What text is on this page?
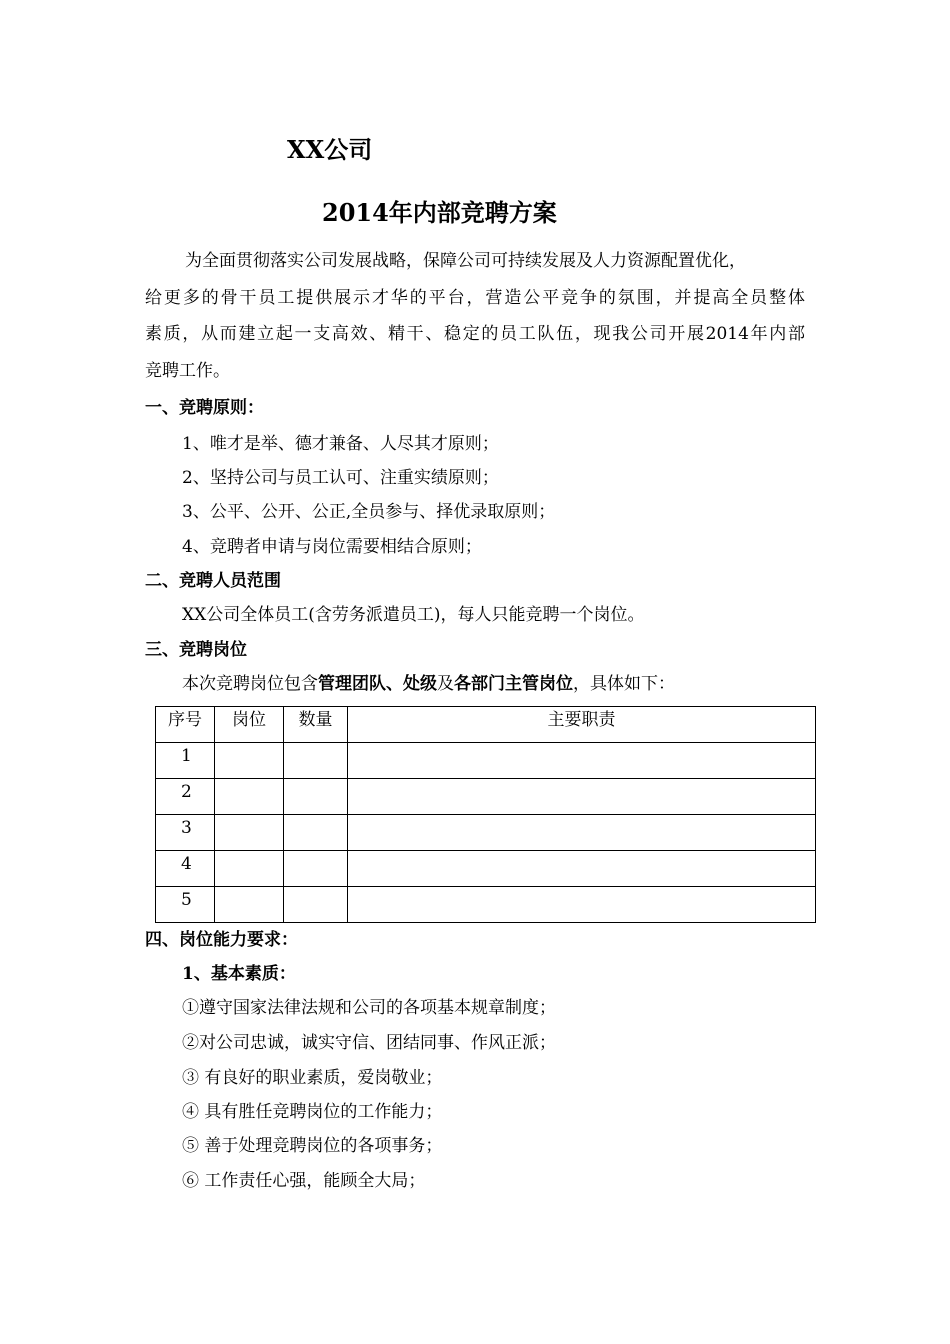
XX公司
2014年内部竞聘方案
为全面贯彻落实公司发展战略，保障公司可持续发展及人力资源配置优化，
给更多的骨干员工提供展示才华的平台，营造公平竞争的氛围，并提高全员整体
素质，从而建立起一支高效、精干、稳定的员工队伍，现我公司开展2014年内部
竞聘工作。
一、竞聘原则：
1、唯才是举、德才兼备、人尽其才原则；
2、坚持公司与员工认可、注重实绩原则；
3、公平、公开、公正,全员参与、择优录取原则；
4、竞聘者申请与岗位需要相结合原则；
二、竞聘人员范围
XX公司全体员工(含劳务派遣员工)，每人只能竞聘一个岗位。
三、竞聘岗位
本次竞聘岗位包含管理团队、处级及各部门主管岗位，具体如下：
序号	岗位	数量	主要职责
1			
2			
3			
4			
5			
四、岗位能力要求：
1、基本素质：
①遵守国家法律法规和公司的各项基本规章制度；
②对公司忠诚，诚实守信、团结同事、作风正派；
③ 有良好的职业素质，爱岗敬业；
④ 具有胜任竞聘岗位的工作能力；
⑤ 善于处理竞聘岗位的各项事务；
⑥ 工作责任心强，能顾全大局；
